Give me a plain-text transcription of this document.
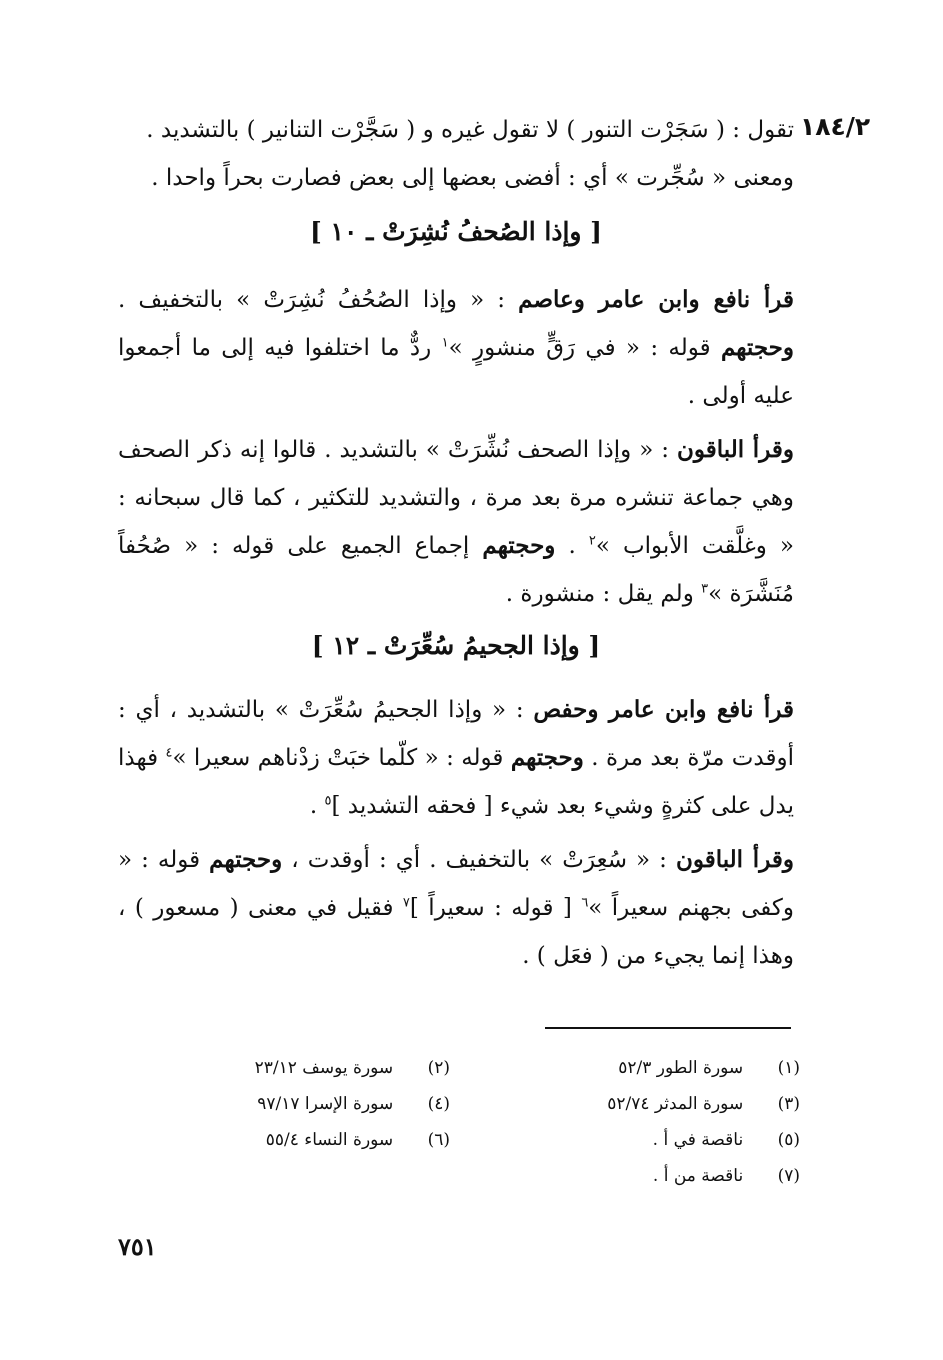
١٨٤/٢

تقول : ( سَجَرْت التنور ) لا تقول غيره و ( سَجَّرْت التنانير ) بالتشديد .

ومعنى « سُجِّرت » أي : أفضى بعضها إلى بعض فصارت بحراً واحدا .

[ وإذا الصُحفُ نُشِرَتْ ـ ١٠ ]

قرأ نافع وابن عامر وعاصم : « وإذا الصُحُفُ نُشِرَتْ » بالتخفيف . وحجتهم قوله : « في رَقٍّ منشورٍ »$^١$ ردٌّ ما اختلفوا فيه إلى ما أجمعوا عليه أولى .

وقرأ الباقون : « وإذا الصحف نُشِّرَتْ » بالتشديد . قالوا إنه ذكر الصحف وهي جماعة تنشره مرة بعد مرة ، والتشديد للتكثير ، كما قال سبحانه : « وغلَّقت الأبواب »$^٢$ . وحجتهم إجماع الجميع على قوله : « صُحُفاً مُنَشَّرَة »$^٣$ ولم يقل : منشورة .

[ وإذا الجحيمُ سُعِّرَتْ ـ ١٢ ]

قرأ نافع وابن عامر وحفص : « وإذا الجحيمُ سُعِّرَتْ » بالتشديد ، أي : أوقدت مرّة بعد مرة . وحجتهم قوله : « كلّما خبَتْ زدْناهم سعيرا »$^٤$ فهذا يدل على كثرةٍ وشيء بعد شيء [ فحقه التشديد ]$^٥$ .

وقرأ الباقون : « سُعِرَتْ » بالتخفيف . أي : أوقدت ، وحجتهم قوله : « وكفى بجهنم سعيراً »$^٦$ [ قوله : سعيراً ]$^٧$ فقيل في معنى ( مسعور ) ، وهذا إنما يجيء من ( فعَل ) .

(١)  سورة الطور ٥٢/٣
(٣)  سورة المدثر ٥٢/٧٤
(٥)  ناقصة في أ .
(٧)  ناقصة من أ .
(٢)  سورة يوسف ٢٣/١٢
(٤)  سورة الإسرا ٩٧/١٧
(٦)  سورة النساء ٥٥/٤
٧٥١
